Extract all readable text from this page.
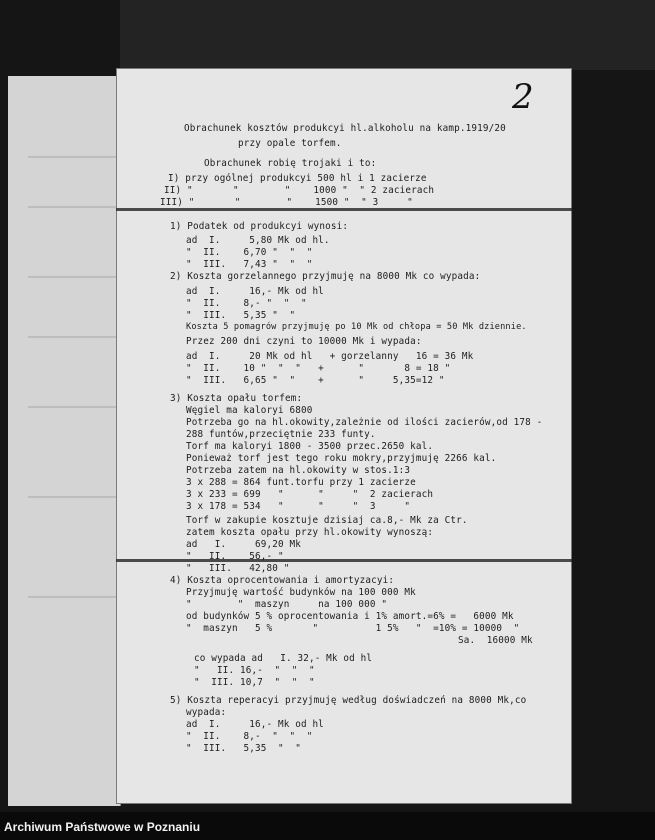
2
Obrachunek kosztów produkcyi hl.alkoholu na kamp.1919/20
przy opale torfem.
Obrachunek robię trojaki i to:
I) przy ogólnej produkcyi 500 hl i 1 zacierze
II) "       "        "    1000 "  " 2 zacierach
III) "       "        "    1500 "  " 3     "
1) Podatek od produkcyi wynosi:
ad  I.     5,80 Mk od hl.
"  II.    6,70 "  "  "
"  III.   7,43 "  "  "
2) Koszta gorzelannego przyjmuję na 8000 Mk co wypada:
ad  I.     16,- Mk od hl
"  II.    8,- "  "  "
"  III.   5,35 "  "
Koszta 5 pomagrów przyjmuję po 10 Mk od chłopa = 50 Mk dziennie.
Przez 200 dni czyni to 10000 Mk i wypada:
ad  I.     20 Mk od hl   + gorzelanny   16 = 36 Mk
"  II.    10 "  "  "   +      "       8 = 18 "
"  III.   6,65 "  "    +      "     5,35=12 "
3) Koszta opału torfem:
Węgiel ma kaloryi 6800
Potrzeba go na hl.okowity,zależnie od ilości zacierów,od 178 -
288 funtów,przeciętnie 233 funty.
Torf ma kaloryi 1800 - 3500 przec.2650 kal.
Ponieważ torf jest tego roku mokry,przyjmuję 2266 kal.
Potrzeba zatem na hl.okowity w stos.1:3
3 x 288 = 864 funt.torfu przy 1 zacierze
3 x 233 = 699   "      "     "  2 zacierach
3 x 178 = 534   "      "     "  3     "
Torf w zakupie kosztuje dzisiaj ca.8,- Mk za Ctr.
zatem koszta opału przy hl.okowity wynoszą:
ad   I.     69,20 Mk
"   II.    56,- "
"   III.   42,80 "
4) Koszta oprocentowania i amortyzacyi:
Przyjmuję wartość budynków na 100 000 Mk
"        "  maszyn     na 100 000 "
od budynków 5 % oprocentowania i 1% amort.=6% =   6000 Mk
"  maszyn   5 %       "          1 5%   "  =10% = 10000  "
Sa.  16000 Mk
co wypada ad   I. 32,- Mk od hl
"   II. 16,-  "  "  "
"  III. 10,7  "  "  "
5) Koszta reperacyi przyjmuję według doświadczeń na 8000 Mk,co
wypada:
ad  I.     16,- Mk od hl
"  II.    8,-  "  "  "
"  III.   5,35  "  "
Archiwum Państwowe w Poznaniu
